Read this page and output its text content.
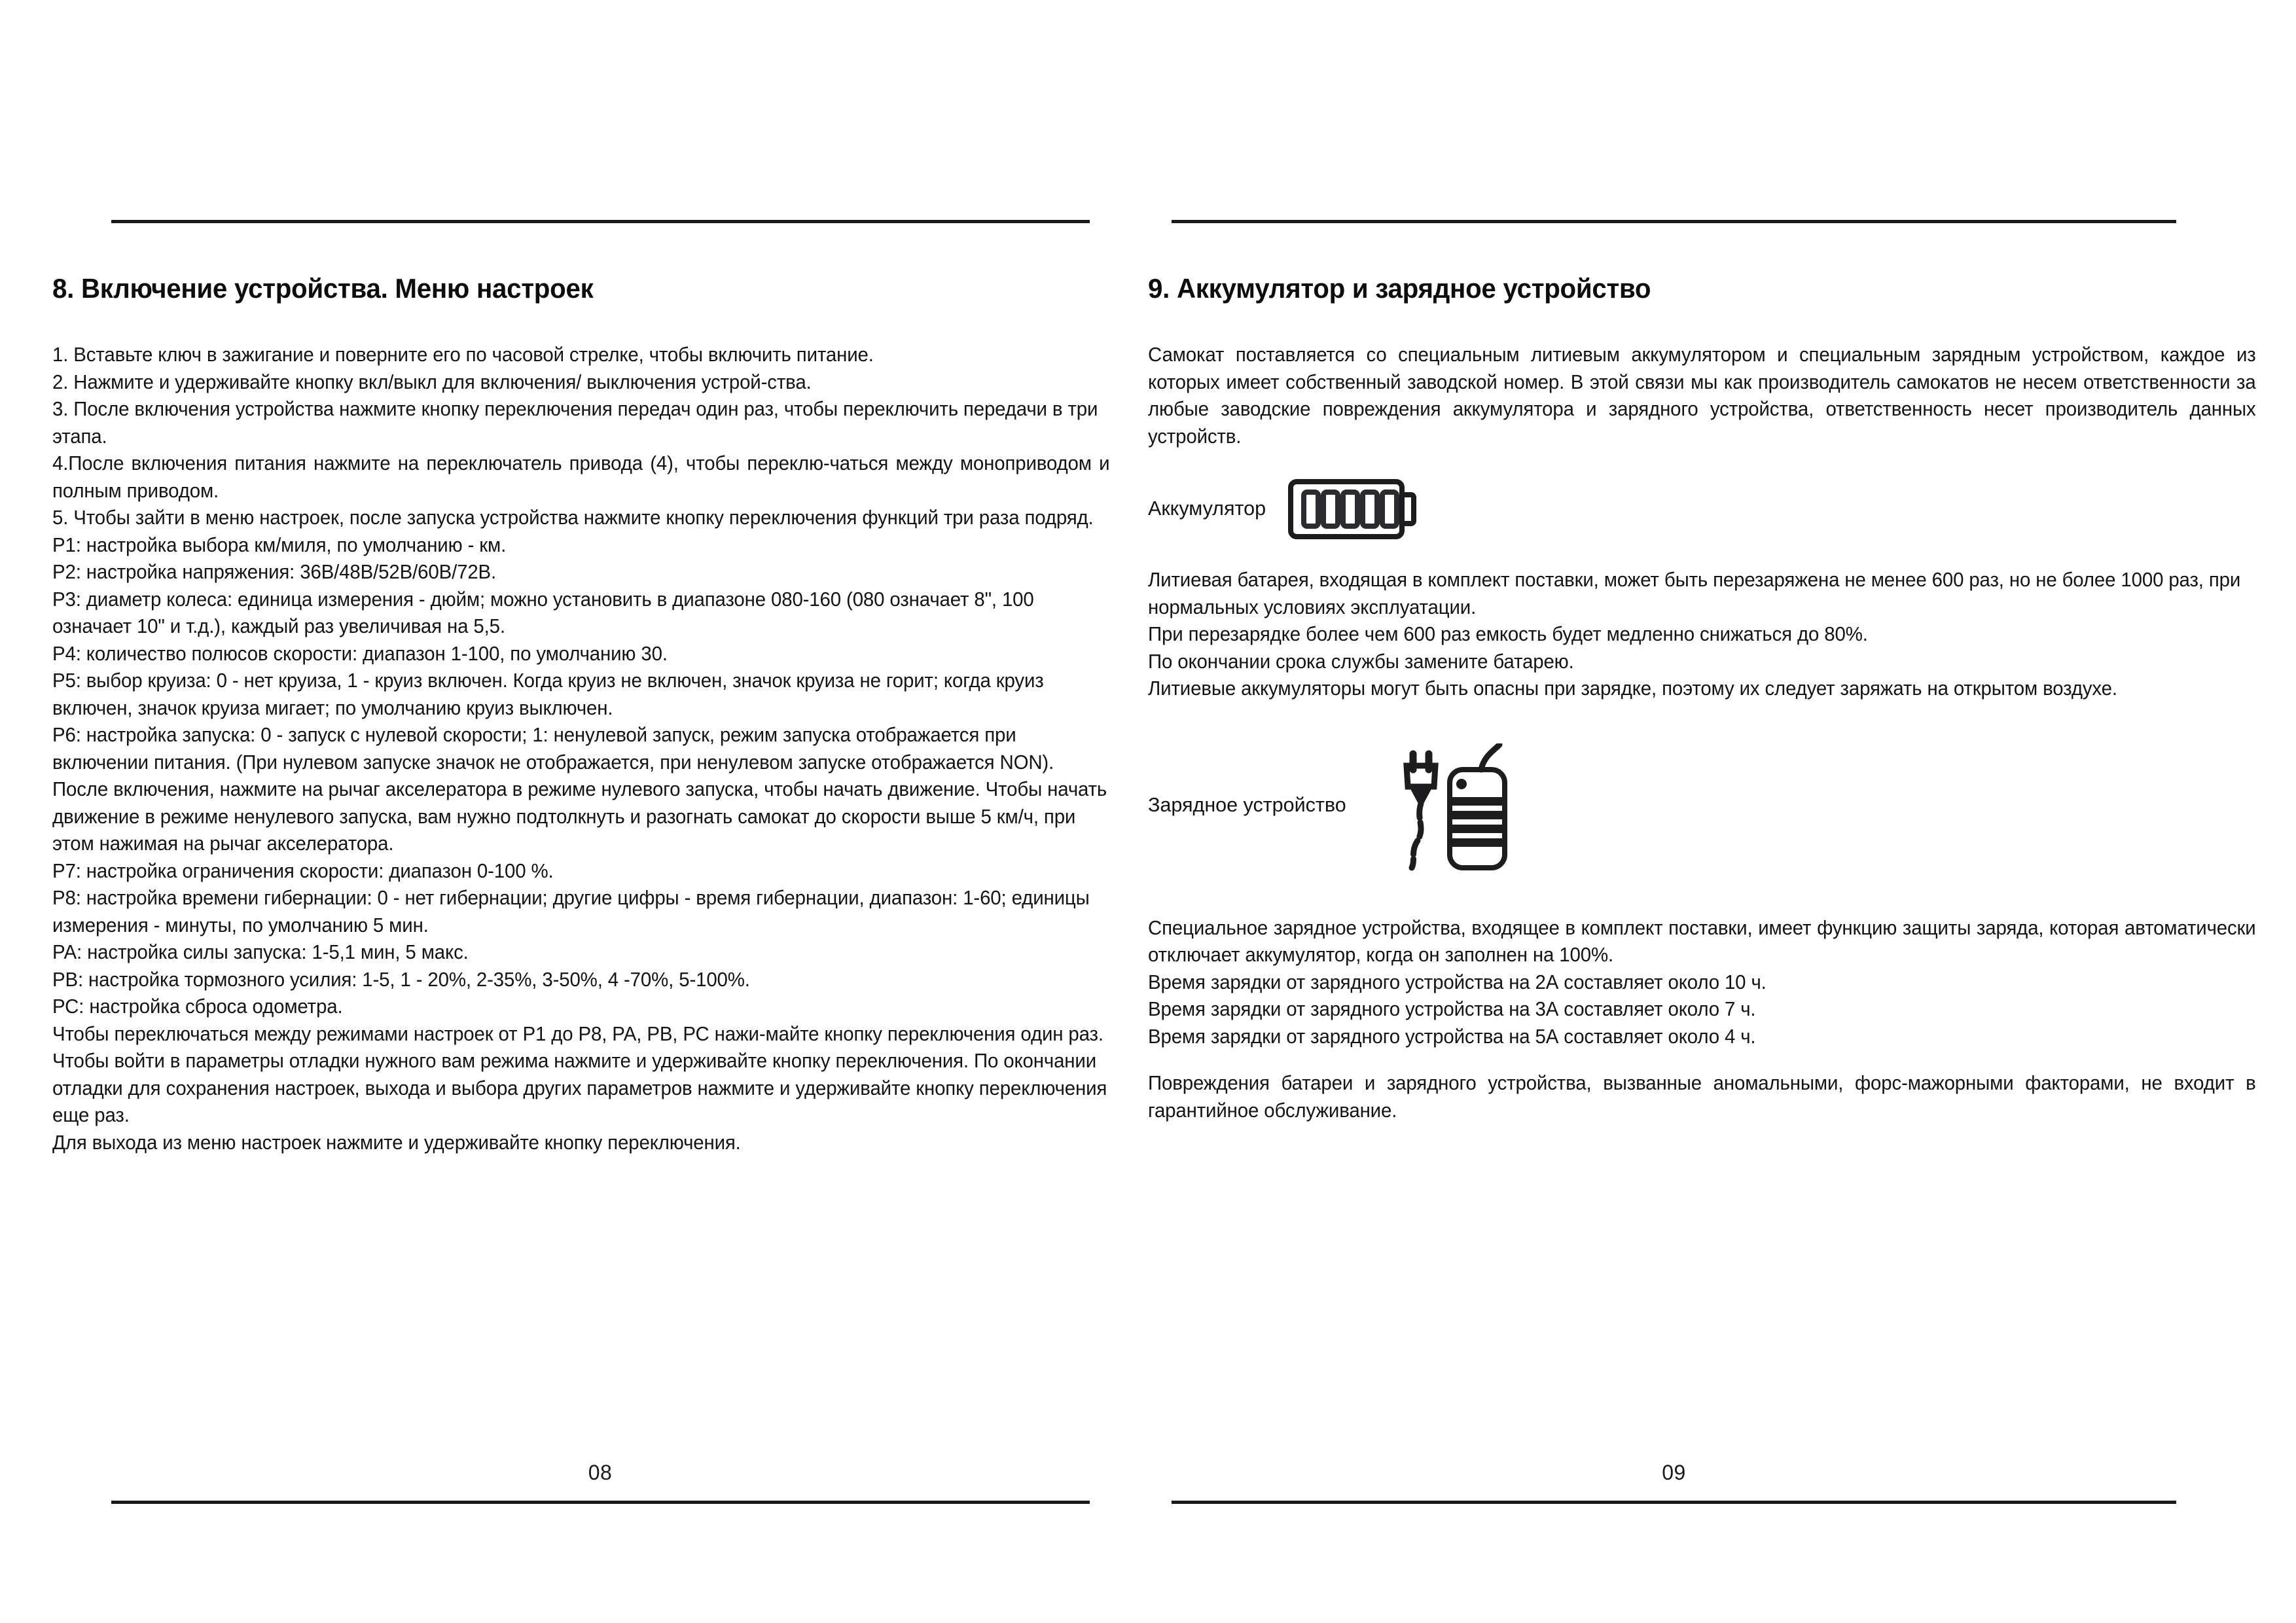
8. Включение устройства. Меню настроек

1. Вставьте ключ в зажигание и поверните его по часовой стрелке, чтобы включить питание.

2. Нажмите и удерживайте кнопку вкл/выкл для включения/ выключения устрой-ства.

3. После включения устройства нажмите кнопку переключения передач один раз, чтобы переключить передачи в три этапа.

4.После включения питания нажмите на переключатель привода (4), чтобы переклю-чаться между моноприводом и полным приводом.

5. Чтобы зайти в меню настроек, после запуска устройства нажмите кнопку переключения функций три раза подряд.

Р1: настройка выбора км/миля, по умолчанию - км.

Р2: настройка напряжения: 36В/48В/52В/60В/72В.

Р3: диаметр колеса: единица измерения - дюйм; можно установить в диапазоне 080-160 (080 означает 8", 100 означает 10" и т.д.), каждый раз увеличивая на 5,5.

Р4: количество полюсов скорости: диапазон 1-100, по умолчанию 30.

Р5: выбор круиза: 0 - нет круиза, 1 - круиз включен. Когда круиз не включен, значок круиза не горит; когда круиз включен, значок круиза мигает; по умолчанию круиз выключен.

Р6: настройка запуска: 0 - запуск с нулевой скорости; 1: ненулевой запуск, режим запуска отображается при включении питания. (При нулевом запуске значок не отображается, при ненулевом запуске отображается NON). После включения, нажмите на рычаг акселератора в режиме нулевого запуска, чтобы начать движение. Чтобы начать движение в режиме ненулевого запуска, вам нужно подтолкнуть и разогнать самокат до скорости выше 5 км/ч, при этом нажимая на рычаг акселератора.

Р7: настройка ограничения скорости: диапазон 0-100 %.

Р8: настройка времени гибернации: 0 - нет гибернации; другие цифры - время гибернации, диапазон: 1-60; единицы измерения - минуты, по умолчанию 5 мин.

РА: настройка силы запуска: 1-5,1 мин, 5 макс.

РВ: настройка тормозного усилия: 1-5, 1 - 20%, 2-35%, 3-50%, 4 -70%, 5-100%.

РС: настройка сброса одометра.

Чтобы переключаться между режимами настроек от Р1 до Р8, РА, РВ, РС нажи-майте кнопку переключения один раз.

Чтобы войти в параметры отладки нужного вам режима нажмите и удерживайте кнопку переключения. По окончании отладки для сохранения настроек, выхода и выбора других параметров нажмите и удерживайте кнопку переключения еще раз.

Для выхода из меню настроек нажмите и удерживайте кнопку переключения.

08
9. Аккумулятор и зарядное устройство

Самокат поставляется со специальным литиевым аккумулятором и специальным зарядным устройством, каждое из которых имеет собственный заводской номер. В этой связи мы как производитель самокатов не несем ответственности за любые заводские повреждения аккумулятора и зарядного устройства, ответственность несет производитель данных устройств.

Аккумулятор

Литиевая батарея, входящая в комплект поставки, может быть перезаряжена не менее 600 раз, но не более 1000 раз, при нормальных условиях эксплуатации.

При перезарядке более чем 600 раз емкость будет медленно снижаться до 80%.

По окончании срока службы замените батарею.

Литиевые аккумуляторы могут быть опасны при зарядке, поэтому их следует заряжать на открытом воздухе.

Зарядное устройство

Специальное зарядное устройства, входящее в комплект поставки, имеет функцию защиты заряда, которая автоматически отключает аккумулятор, когда он заполнен на 100%.

Время зарядки от зарядного устройства на 2А составляет около 10 ч.

Время зарядки от зарядного устройства на 3А составляет около 7 ч.

Время зарядки от зарядного устройства на 5А составляет около 4 ч.

Повреждения батареи и зарядного устройства, вызванные аномальными, форс-мажорными факторами, не входит в гарантийное обслуживание.

09
